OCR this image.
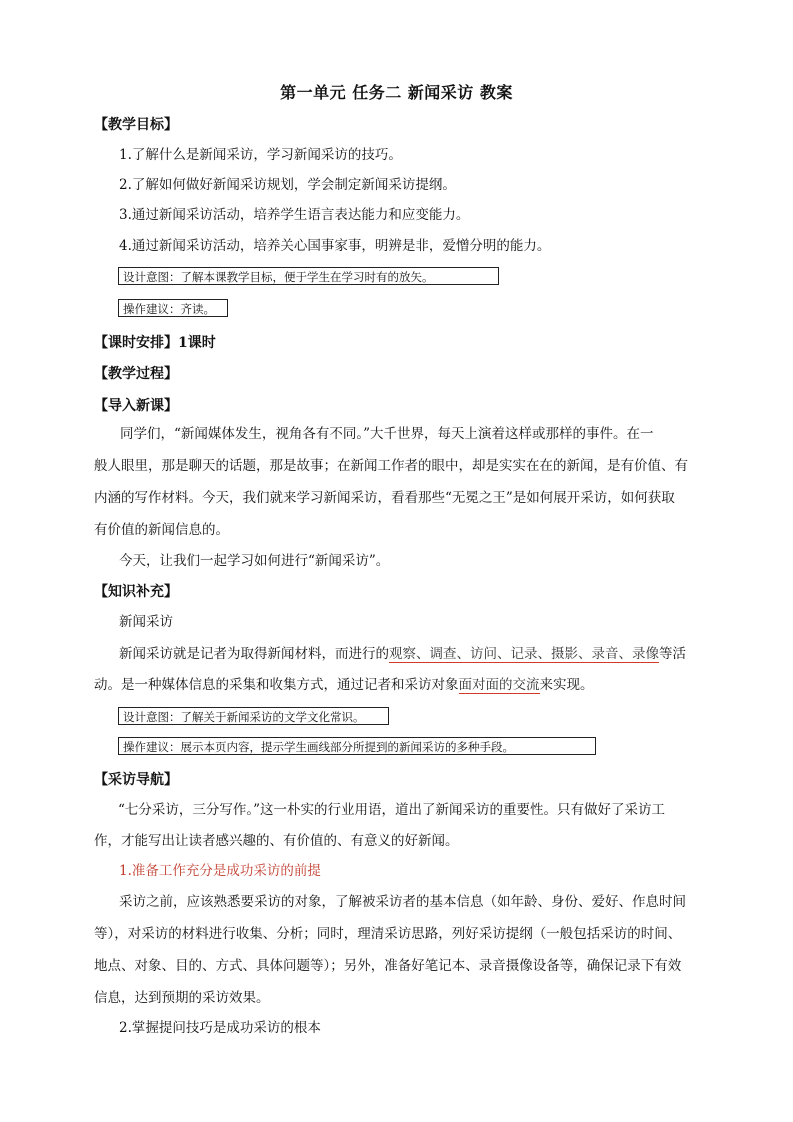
第一单元 任务二 新闻采访 教案
【教学目标】
1.了解什么是新闻采访，学习新闻采访的技巧。
2.了解如何做好新闻采访规划，学会制定新闻采访提纲。
3.通过新闻采访活动，培养学生语言表达能力和应变能力。
4.通过新闻采访活动，培养关心国事家事，明辨是非，爱憎分明的能力。
设计意图：了解本课教学目标，便于学生在学习时有的放矢。
操作建议：齐读。
【课时安排】1课时
【教学过程】
【导入新课】
同学们，“新闻媒体发生，视角各有不同。”大千世界，每天上演着这样或那样的事件。在一
般人眼里，那是聊天的话题，那是故事；在新闻工作者的眼中，却是实实在在的新闻，是有价值、有
内涵的写作材料。今天，我们就来学习新闻采访，看看那些“无冕之王”是如何展开采访，如何获取
有价值的新闻信息的。
今天，让我们一起学习如何进行“新闻采访”。
【知识补充】
新闻采访
新闻采访就是记者为取得新闻材料，而进行的观察、调查、访问、记录、摄影、录音、录像等活
动。是一种媒体信息的采集和收集方式，通过记者和采访对象面对面的交流来实现。
设计意图：了解关于新闻采访的文学文化常识。
操作建议：展示本页内容，提示学生画线部分所提到的新闻采访的多种手段。
【采访导航】
“七分采访，三分写作。”这一朴实的行业用语，道出了新闻采访的重要性。只有做好了采访工
作，才能写出让读者感兴趣的、有价值的、有意义的好新闻。
1.准备工作充分是成功采访的前提
采访之前，应该熟悉要采访的对象，了解被采访者的基本信息（如年龄、身份、爱好、作息时间
等），对采访的材料进行收集、分析；同时，理清采访思路，列好采访提纲（一般包括采访的时间、
地点、对象、目的、方式、具体问题等）；另外，准备好笔记本、录音摄像设备等，确保记录下有效
信息，达到预期的采访效果。
2.掌握提问技巧是成功采访的根本
